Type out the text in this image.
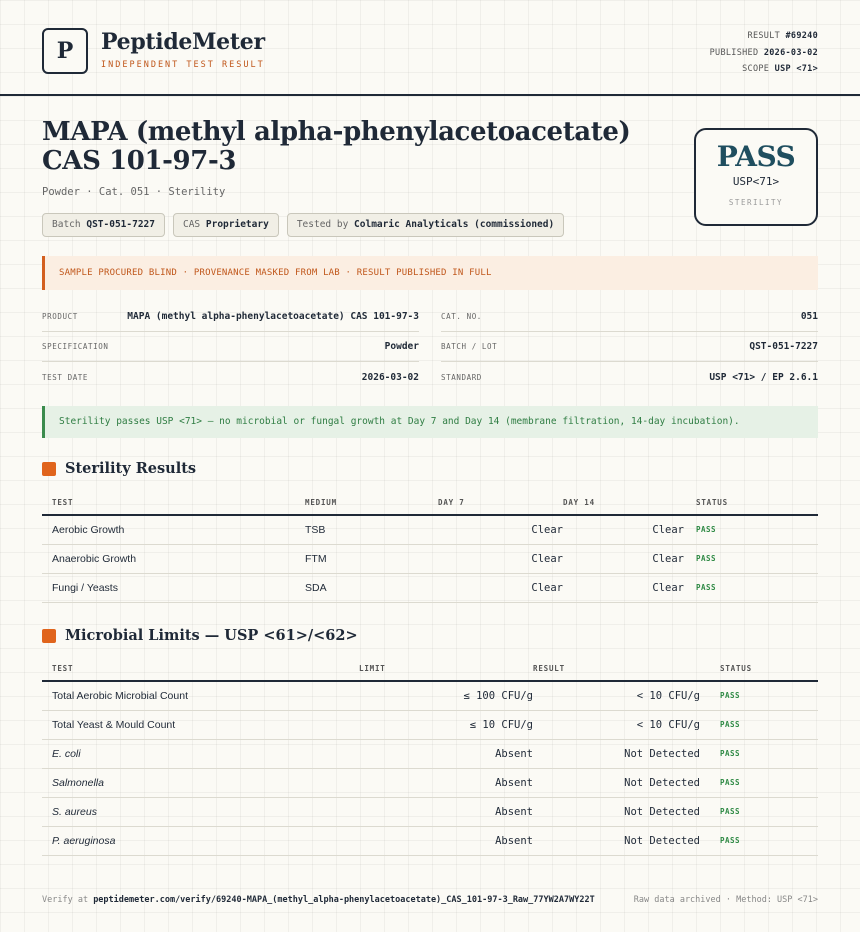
P	PeptideMeter
INDEPENDENT TEST RESULT
RESULT #69240
PUBLISHED 2026-03-02
SCOPE USP <71>
MAPA (methyl alpha-phenylacetoacetate) CAS 101-97-3
Powder · Cat. 051 · Sterility
Batch QST-051-7227	CAS Proprietary	Tested by Colmaric Analyticals (commissioned)
PASS
USP<71>
STERILITY
SAMPLE PROCURED BLIND · PROVENANCE MASKED FROM LAB · RESULT PUBLISHED IN FULL
PRODUCT	MAPA (methyl alpha-phenylacetoacetate) CAS 101-97-3
SPECIFICATION	Powder
TEST DATE	2026-03-02
CAT. NO.	051
BATCH / LOT	QST-051-7227
STANDARD	USP <71> / EP 2.6.1
Sterility passes USP <71> — no microbial or fungal growth at Day 7 and Day 14 (membrane filtration, 14-day incubation).
Sterility Results
TEST	MEDIUM	DAY 7	DAY 14	STATUS
Aerobic Growth	TSB	Clear	Clear	PASS
Anaerobic Growth	FTM	Clear	Clear	PASS
Fungi / Yeasts	SDA	Clear	Clear	PASS
Microbial Limits — USP <61>/<62>
TEST	LIMIT	RESULT	STATUS
Total Aerobic Microbial Count	≤ 100 CFU/g	< 10 CFU/g	PASS
Total Yeast & Mould Count	≤ 10 CFU/g	< 10 CFU/g	PASS
E. coli	Absent	Not Detected	PASS
Salmonella	Absent	Not Detected	PASS
S. aureus	Absent	Not Detected	PASS
P. aeruginosa	Absent	Not Detected	PASS
Verify at peptidemeter.com/verify/69240-MAPA_(methyl_alpha-phenylacetoacetate)_CAS_101-97-3_Raw_77YW2A7WY22T	Raw data archived · Method: USP <71>
